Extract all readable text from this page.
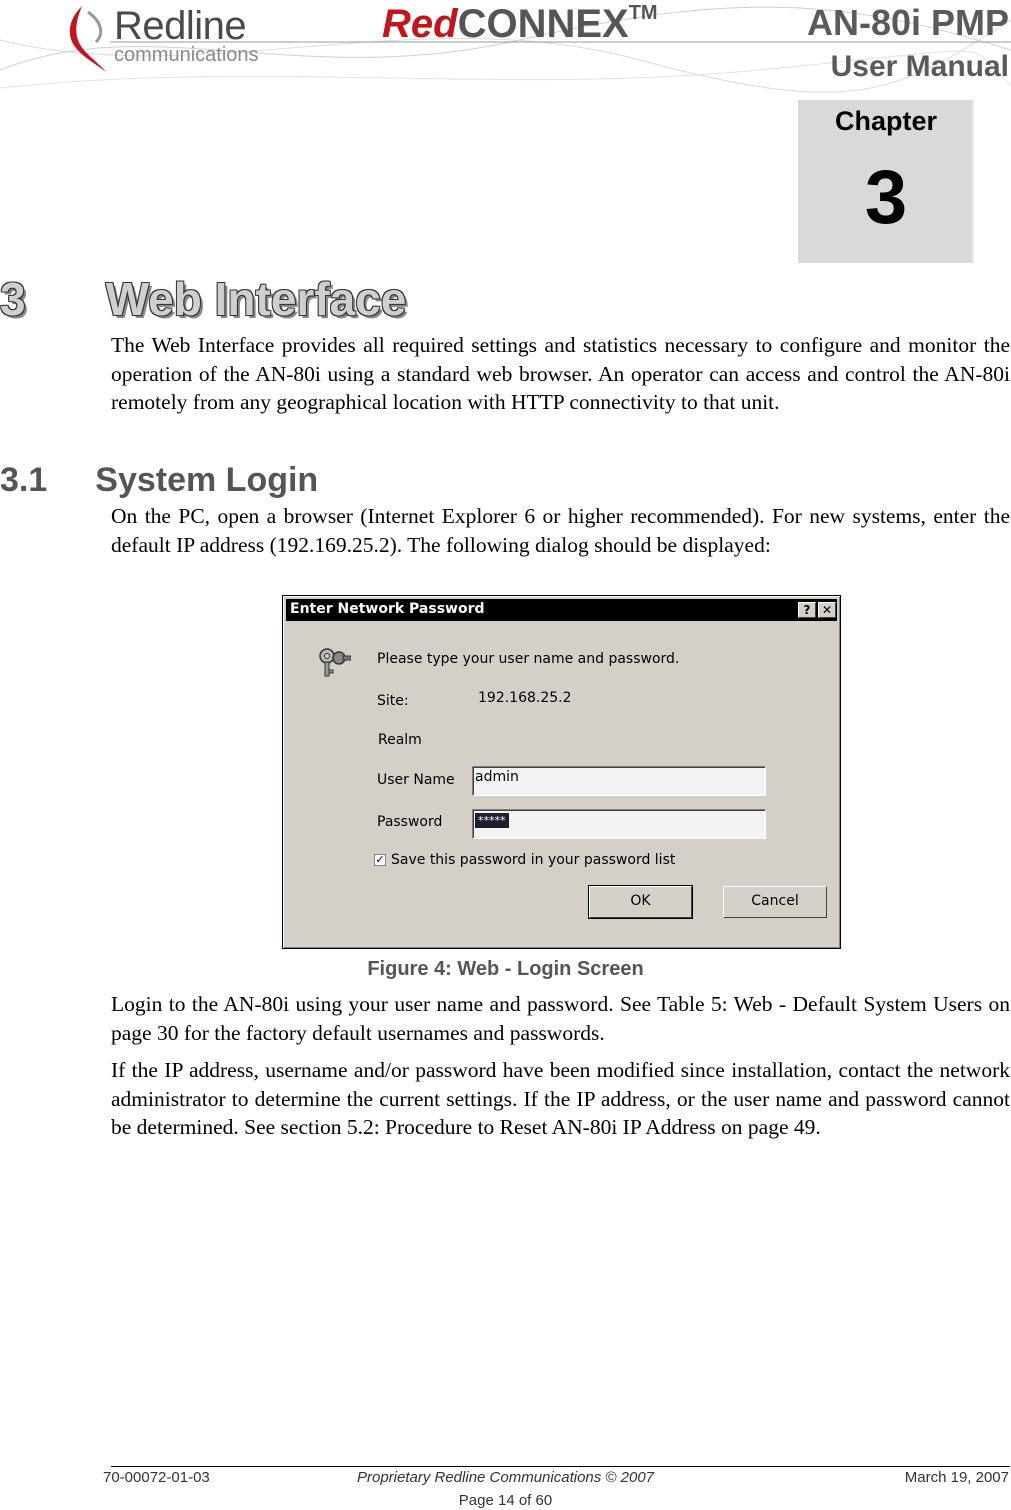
Redline
communications
RedCONNEX™	AN-80i PMP
User Manual
Chapter
3
3 Web Interface
The Web Interface provides all required settings and statistics necessary to configure and monitor the operation of the AN-80i using a standard web browser. An operator can access and control the AN-80i remotely from any geographical location with HTTP connectivity to that unit.
3.1 System Login
On the PC, open a browser (Internet Explorer 6 or higher recommended). For new systems, enter the default IP address (192.169.25.2). The following dialog should be displayed:
Enter Network Password	? ✕
Please type your user name and password.
Site:	192.168.25.2
Realm
User Name admin
Password	*****
✓ Save this password in your password list
OK	Cancel
Figure 4: Web - Login Screen
Login to the AN-80i using your user name and password. See Table 5: Web - Default System Users on page 30 for the factory default usernames and passwords.
If the IP address, username and/or password have been modified since installation, contact the network administrator to determine the current settings. If the IP address, or the user name and password cannot be determined. See section 5.2: Procedure to Reset AN-80i IP Address on page 49.
70-00072-01-03	Proprietary Redline Communications © 2007	March 19, 2007
Page 14 of 60
